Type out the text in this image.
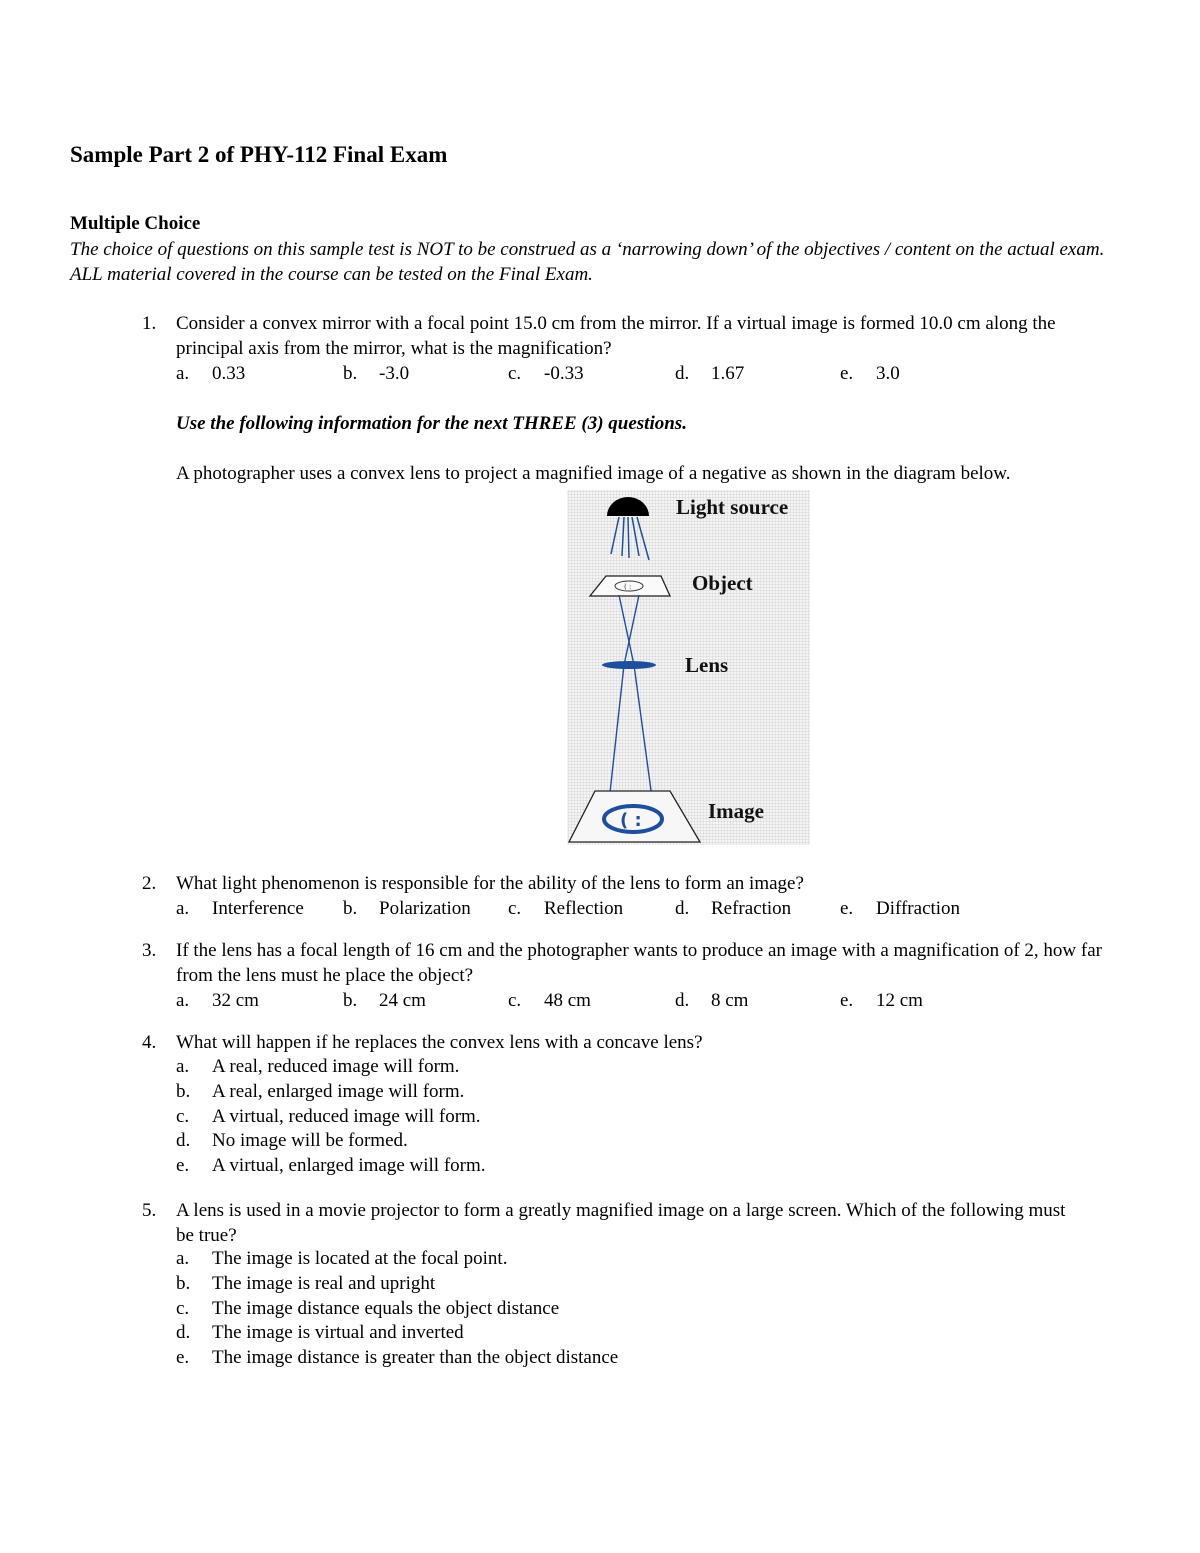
Sample Part 2 of PHY-112 Final Exam
Multiple Choice
The choice of questions on this sample test is NOT to be construed as a ‘narrowing down’ of the objectives / content on the actual exam. ALL material covered in the course can be tested on the Final Exam.
1.	Consider a convex mirror with a focal point 15.0 cm from the mirror. If a virtual image is formed 10.0 cm along the principal axis from the mirror, what is the magnification?
a. 0.33	b. -3.0	c. -0.33	d. 1.67	e. 3.0
Use the following information for the next THREE (3) questions.
A photographer uses a convex lens to project a magnified image of a negative as shown in the diagram below.
( :
( :
Light source
Object
Lens
Image
2.	What light phenomenon is responsible for the ability of the lens to form an image?
a. Interference b. Polarization c. Reflection	d. Refraction	e. Diffraction
3.	If the lens has a focal length of 16 cm and the photographer wants to produce an image with a magnification of 2, how far from the lens must he place the object?
a. 32 cm	b. 24 cm	c. 48 cm	d. 8 cm	e. 12 cm
4.	What will happen if he replaces the convex lens with a concave lens?
a. A real, reduced image will form.
b. A real, enlarged image will form.
c. A virtual, reduced image will form.
d. No image will be formed.
e. A virtual, enlarged image will form.
5.	A lens is used in a movie projector to form a greatly magnified image on a large screen. Which of the following must be true?
a. The image is located at the focal point.
b. The image is real and upright
c. The image distance equals the object distance
d. The image is virtual and inverted
e. The image distance is greater than the object distance
